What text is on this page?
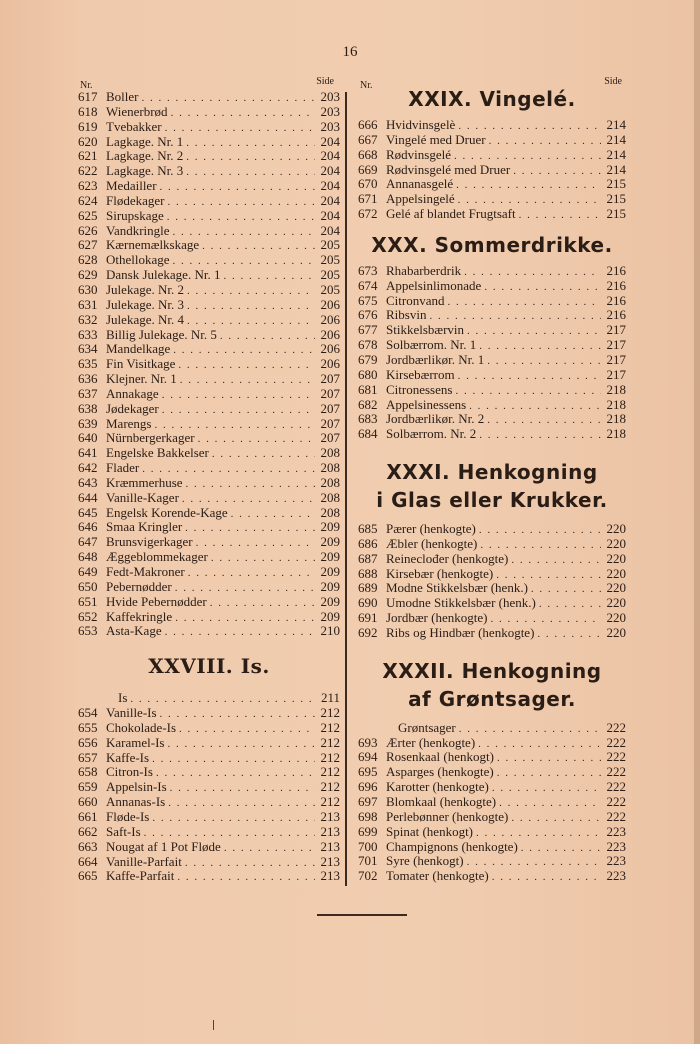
16
Nr.	Side
617 Boller . . .	203
618 Wienerbrød . . .	203
619 Tvebakker . . .	203
620 Lagkage. Nr. 1 . . .	204
621 Lagkage. Nr. 2 . . .	204
622 Lagkage. Nr. 3 . . .	204
623 Medailler . . .	204
624 Flødekager . . .	204
625 Sirupskage . . .	204
626 Vandkringle . . .	204
627 Kærnemælkskage . . .	205
628 Othellokage . . .	205
629 Dansk Julekage. Nr. 1 . . .	205
630 Julekage. Nr. 2 . . .	205
631 Julekage. Nr. 3 . . .	206
632 Julekage. Nr. 4 . . .	206
633 Billig Julekage. Nr. 5 . . .	206
634 Mandelkage . . .	206
635 Fin Visitkage . . .	206
636 Klejner. Nr. 1 . . .	207
637 Annakage . . .	207
638 Jødekager . . .	207
639 Marengs . . .	207
640 Nürnbergerkager . . .	207
641 Engelske Bakkelser . . .	208
642 Flader . . .	208
643 Kræmmerhuse . . .	208
644 Vanille-Kager . . .	208
645 Engelsk Korende-Kage . . .	208
646 Smaa Kringler . . .	209
647 Brunsvigerkager . . .	209
648 Æggeblommekager . . .	209
649 Fedt-Makroner . . .	209
650 Pebernødder . . .	209
651 Hvide Pebernødder . . .	209
652 Kaffekringle . . .	209
653 Asta-Kage . . .	210
XXVIII. Is.
Is . . .	211
654 Vanille-Is . . .	212
655 Chokolade-Is . . .	212
656 Karamel-Is . . .	212
657 Kaffe-Is . . .	212
658 Citron-Is . . .	212
659 Appelsin-Is . . .	212
660 Annanas-Is . . .	212
661 Fløde-Is . . .	213
662 Saft-Is . . .	213
663 Nougat af 1 Pot Fløde . . .	213
664 Vanille-Parfait . . .	213
665 Kaffe-Parfait . . .	213
Nr.	Side
XXIX. Vingelé.
666 Hvidvinsgelè . . .	214
667 Vingelé med Druer . . .	214
668 Rødvinsgelé . . .	214
669 Rødvinsgelé med Druer . . .	214
670 Annanasgelé . . .	215
671 Appelsingelé . . .	215
672 Gelé af blandet Frugtsaft . . .	215
XXX. Sommerdrikke.
673 Rhabarberdrik . . .	216
674 Appelsinlimonade . . .	216
675 Citronvand . . .	216
676 Ribsvin . . .	216
677 Stikkelsbærvin . . .	217
678 Solbærrom. Nr. 1 . . .	217
679 Jordbærlikør. Nr. 1 . . .	217
680 Kirsebærrom . . .	217
681 Citronessens . . .	218
682 Appelsinessens . . .	218
683 Jordbærlikør. Nr. 2 . . .	218
684 Solbærrom. Nr. 2 . . .	218
XXXI. Henkogning
i Glas eller Krukker.
685 Pærer (henkogte) . . .	220
686 Æbler (henkogte) . . .	220
687 Reineclođer (henkogte) . . .	220
688 Kirsebær (henkogte) . . .	220
689 Modne Stikkelsbær (henk.) . . .	220
690 Umodne Stikkelsbær (henk.) . . .	220
691 Jordbær (henkogte) . . .	220
692 Ribs og Hindbær (henkogte) . . .	220
XXXII. Henkogning
af Grøntsager.
Grøntsager . . .	222
693 Ærter (henkogte) . . .	222
694 Rosenkaal (henkogt) . . .	222
695 Asparges (henkogte) . . .	222
696 Karotter (henkogte) . . .	222
697 Blomkaal (henkogte) . . .	222
698 Perlebønner (henkogte) . . .	222
699 Spinat (henkogt) . . .	223
700 Champignons (henkogte) . . .	223
701 Syre (henkogt) . . .	223
702 Tomater (henkogte) . . .	223
